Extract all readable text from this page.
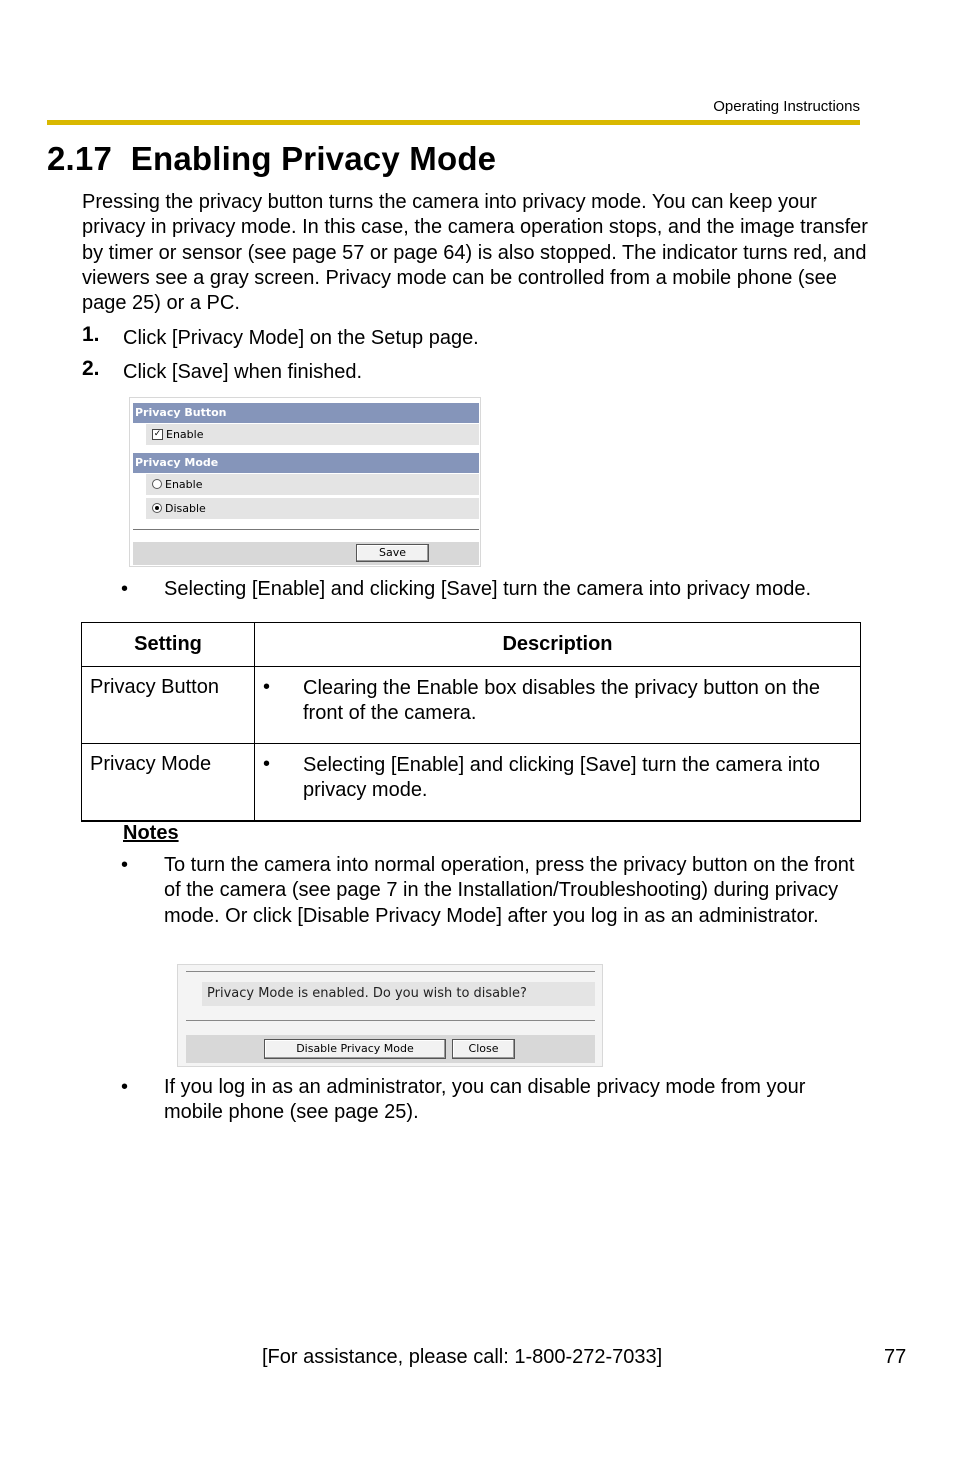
Operating Instructions
2.17  Enabling Privacy Mode
Pressing the privacy button turns the camera into privacy mode. You can keep your privacy in privacy mode. In this case, the camera operation stops, and the image transfer by timer or sensor (see page 57 or page 64) is also stopped. The indicator turns red, and viewers see a gray screen. Privacy mode can be controlled from a mobile phone (see page 25) or a PC.
1. Click [Privacy Mode] on the Setup page.
2. Click [Save] when finished.
Privacy Button
✓ Enable
Privacy Mode
Enable
Disable
Save
• Selecting [Enable] and clicking [Save] turn the camera into privacy mode.
Setting	Description
Privacy Button	• Clearing the Enable box disables the privacy button on the front of the camera.

Privacy Mode	• Selecting [Enable] and clicking [Save] turn the camera into privacy mode.
Notes
• To turn the camera into normal operation, press the privacy button on the front of the camera (see page 7 in the Installation/Troubleshooting) during privacy mode. Or click [Disable Privacy Mode] after you log in as an administrator.
Privacy Mode is enabled. Do you wish to disable?
Disable Privacy Mode	Close
• If you log in as an administrator, you can disable privacy mode from your mobile phone (see page 25).
[For assistance, please call: 1-800-272-7033]	77
